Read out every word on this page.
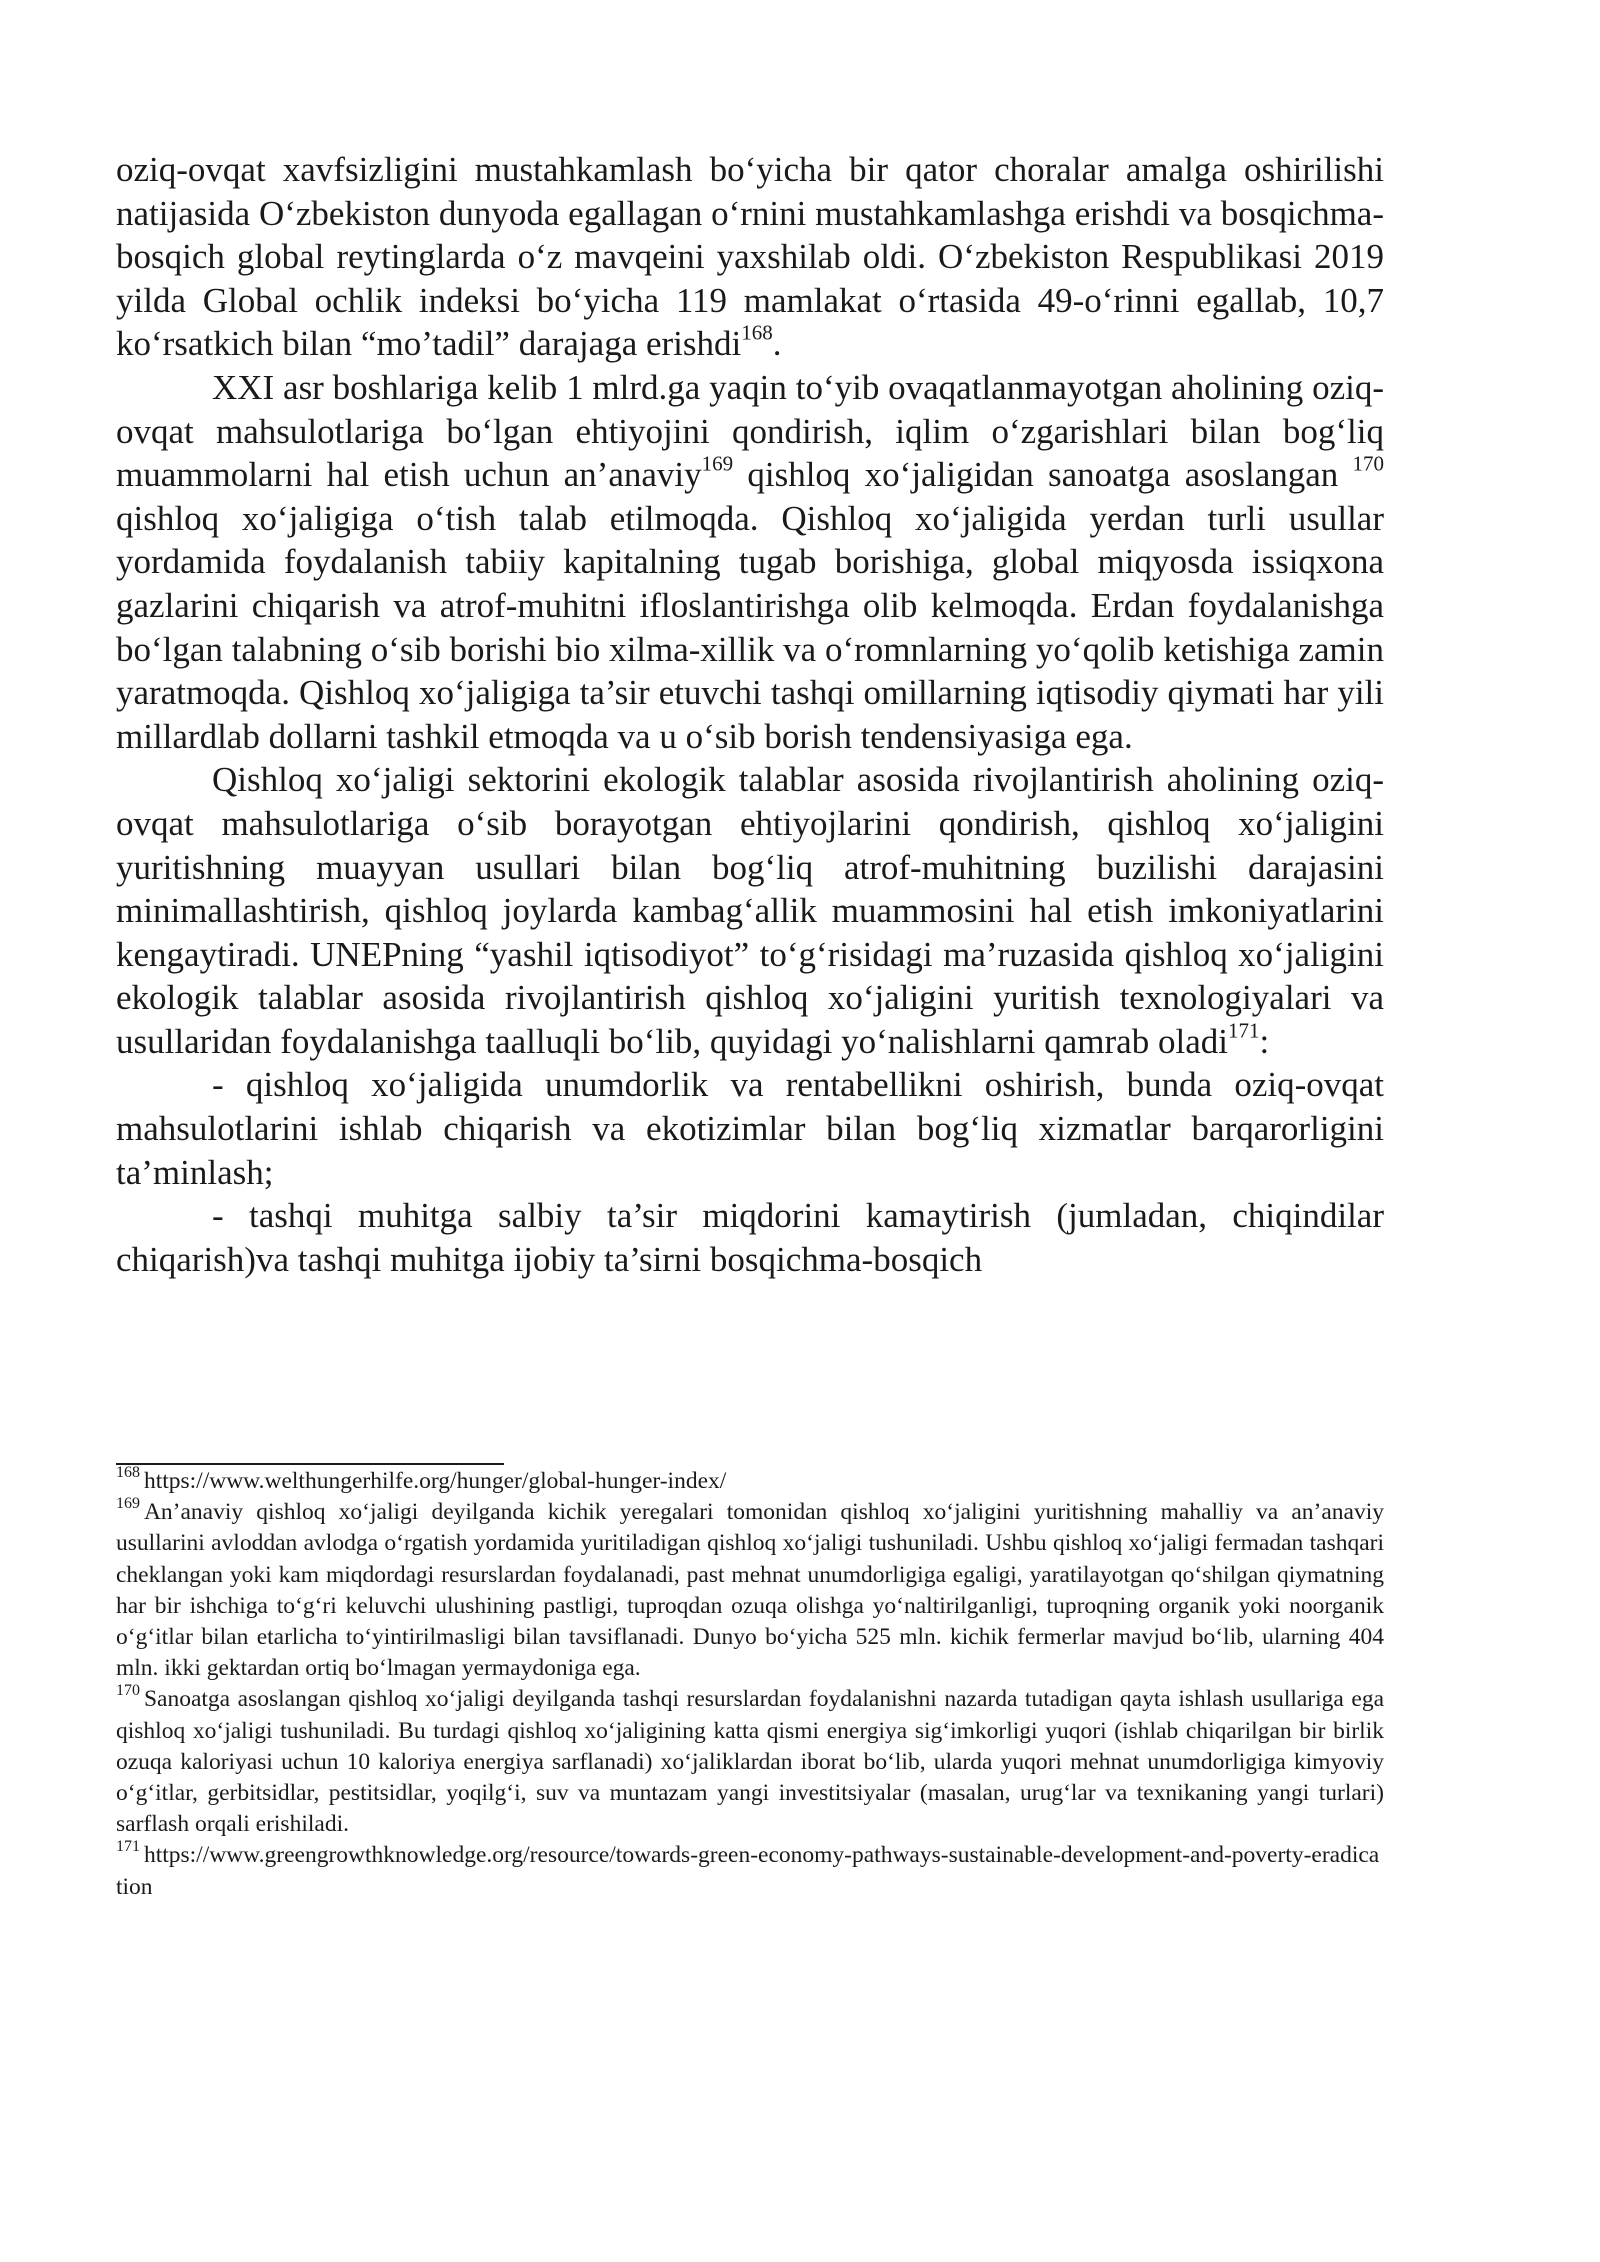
oziq-ovqat xavfsizligini mustahkamlash bo‘yicha bir qator choralar amalga oshirilishi natijasida O‘zbekiston dunyoda egallagan o‘rnini mustahkamlashga erishdi va bosqichma-bosqich global reytinglarda o‘z mavqeini yaxshilab oldi. O‘zbekiston Respublikasi 2019 yilda Global ochlik indeksi bo‘yicha 119 mamlakat o‘rtasida 49-o‘rinni egallab, 10,7 ko‘rsatkich bilan “mo’tadil” darajaga erishdi$^{168}$.

XXI asr boshlariga kelib 1 mlrd.ga yaqin to‘yib ovaqatlanmayotgan aholining oziq-ovqat mahsulotlariga bo‘lgan ehtiyojini qondirish, iqlim o‘zgarishlari bilan bog‘liq muammolarni hal etish uchun an’anaviy$^{169}$ qishloq xo‘jaligidan sanoatga asoslangan $^{170}$ qishloq xo‘jaligiga o‘tish talab etilmoqda. Qishloq xo‘jaligida yerdan turli usullar yordamida foydalanish tabiiy kapitalning tugab borishiga, global miqyosda issiqxona gazlarini chiqarish va atrof-muhitni ifloslantirishga olib kelmoqda. Erdan foydalanishga bo‘lgan talabning o‘sib borishi bio xilma-xillik va o‘romnlarning yo‘qolib ketishiga zamin yaratmoqda. Qishloq xo‘jaligiga ta’sir etuvchi tashqi omillarning iqtisodiy qiymati har yili millardlab dollarni tashkil etmoqda va u o‘sib borish tendensiyasiga ega.

Qishloq xo‘jaligi sektorini ekologik talablar asosida rivojlantirish aholining oziq-ovqat mahsulotlariga o‘sib borayotgan ehtiyojlarini qondirish, qishloq xo‘jaligini yuritishning muayyan usullari bilan bog‘liq atrof-muhitning buzilishi darajasini minimallashtirish, qishloq joylarda kambag‘allik muammosini hal etish imkoniyatlarini kengaytiradi. UNEPning “yashil iqtisodiyot” to‘g‘risidagi ma’ruzasida qishloq xo‘jaligini ekologik talablar asosida rivojlantirish qishloq xo‘jaligini yuritish texnologiyalari va usullaridan foydalanishga taalluqli bo‘lib, quyidagi yo‘nalishlarni qamrab oladi$^{171}$:

- qishloq xo‘jaligida unumdorlik va rentabellikni oshirish, bunda oziq-ovqat mahsulotlarini ishlab chiqarish va ekotizimlar bilan bog‘liq xizmatlar barqarorligini ta’minlash;

- tashqi muhitga salbiy ta’sir miqdorini kamaytirish (jumladan, chiqindilar chiqarish)va tashqi muhitga ijobiy ta’sirni bosqichma-bosqich

$^{168}$ https://www.welthungerhilfe.org/hunger/global-hunger-index/

$^{169}$ An’anaviy qishloq xo‘jaligi deyilganda kichik yeregalari tomonidan qishloq xo‘jaligini yuritishning mahalliy va an’anaviy usullarini avloddan avlodga o‘rgatish yordamida yuritiladigan qishloq xo‘jaligi tushuniladi. Ushbu qishloq xo‘jaligi fermadan tashqari cheklangan yoki kam miqdordagi resurslardan foydalanadi, past mehnat unumdorligiga egaligi, yaratilayotgan qo‘shilgan qiymatning har bir ishchiga to‘g‘ri keluvchi ulushining pastligi, tuproqdan ozuqa olishga yo‘naltirilganligi, tuproqning organik yoki noorganik o‘g‘itlar bilan etarlicha to‘yintirilmasligi bilan tavsiflanadi. Dunyo bo‘yicha 525 mln. kichik fermerlar mavjud bo‘lib, ularning 404 mln. ikki gektardan ortiq bo‘lmagan yermaydoniga ega.

$^{170}$ Sanoatga asoslangan qishloq xo‘jaligi deyilganda tashqi resurslardan foydalanishni nazarda tutadigan qayta ishlash usullariga ega qishloq xo‘jaligi tushuniladi. Bu turdagi qishloq xo‘jaligining katta qismi energiya sig‘imkorligi yuqori (ishlab chiqarilgan bir birlik ozuqa kaloriyasi uchun 10 kaloriya energiya sarflanadi) xo‘jaliklardan iborat bo‘lib, ularda yuqori mehnat unumdorligiga kimyoviy o‘g‘itlar, gerbitsidlar, pestitsidlar, yoqilg‘i, suv va muntazam yangi investitsiyalar (masalan, urug‘lar va texnikaning yangi turlari) sarflash orqali erishiladi.

$^{171}$ https://www.greengrowthknowledge.org/resource/towards-green-economy-pathways-sustainable-development-and-poverty-eradication
